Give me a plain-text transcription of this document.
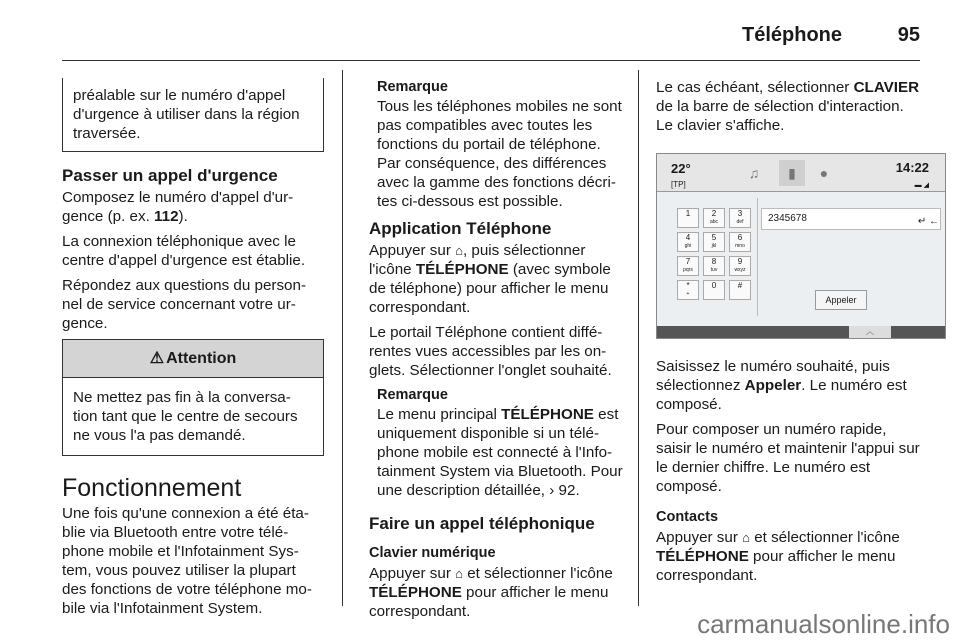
Téléphone	95
préalable sur le numéro d'appel d'urgence à utiliser dans la région traversée.
Passer un appel d'urgence

Composez le numéro d'appel d'ur-gence (p. ex. 112).

La connexion téléphonique avec le centre d'appel d'urgence est établie.

Répondez aux questions du person-nel de service concernant votre ur-gence.

⚠ Attention
Ne mettez pas fin à la conversa-tion tant que le centre de secours ne vous l'a pas demandé.
Fonctionnement

Une fois qu'une connexion a été éta-blie via Bluetooth entre votre télé-phone mobile et l'Infotainment Sys-tem, vous pouvez utiliser la plupart des fonctions de votre téléphone mo-bile via l'Infotainment System.

Remarque
Tous les téléphones mobiles ne sont pas compatibles avec toutes les fonctions du portail de téléphone. Par conséquence, des différences avec la gamme des fonctions décri-tes ci-dessous est possible.
Application Téléphone

Appuyer sur ⌂, puis sélectionner l'icône TÉLÉPHONE (avec symbole de téléphone) pour afficher le menu correspondant.

Le portail Téléphone contient diffé-rentes vues accessibles par les on-glets. Sélectionner l'onglet souhaité.

Remarque
Le menu principal TÉLÉPHONE est uniquement disponible si un télé-phone mobile est connecté à l'Info-tainment System via Bluetooth. Pour une description détaillée, › 92.
Faire un appel téléphonique
Clavier numérique

Appuyer sur ⌂ et sélectionner l'icône TÉLÉPHONE pour afficher le menu correspondant.

Le cas échéant, sélectionner CLAVIER de la barre de sélection d'interaction. Le clavier s'affiche.

22°
[TP]
♫	▮	●	14:22
▬ ◢
1	2
abc
3
def
4
ghi
5
jkl
6
mno
7
pqrs
8
tuv
9
wxyz
*
+
0	#
2345678	↵ ←
Appeler
︿

Saisissez le numéro souhaité, puis sélectionnez Appeler. Le numéro est composé.

Pour composer un numéro rapide, saisir le numéro et maintenir l'appui sur le dernier chiffre. Le numéro est composé.

Contacts

Appuyer sur ⌂ et sélectionner l'icône TÉLÉPHONE pour afficher le menu correspondant.

carmanualsonline.info
